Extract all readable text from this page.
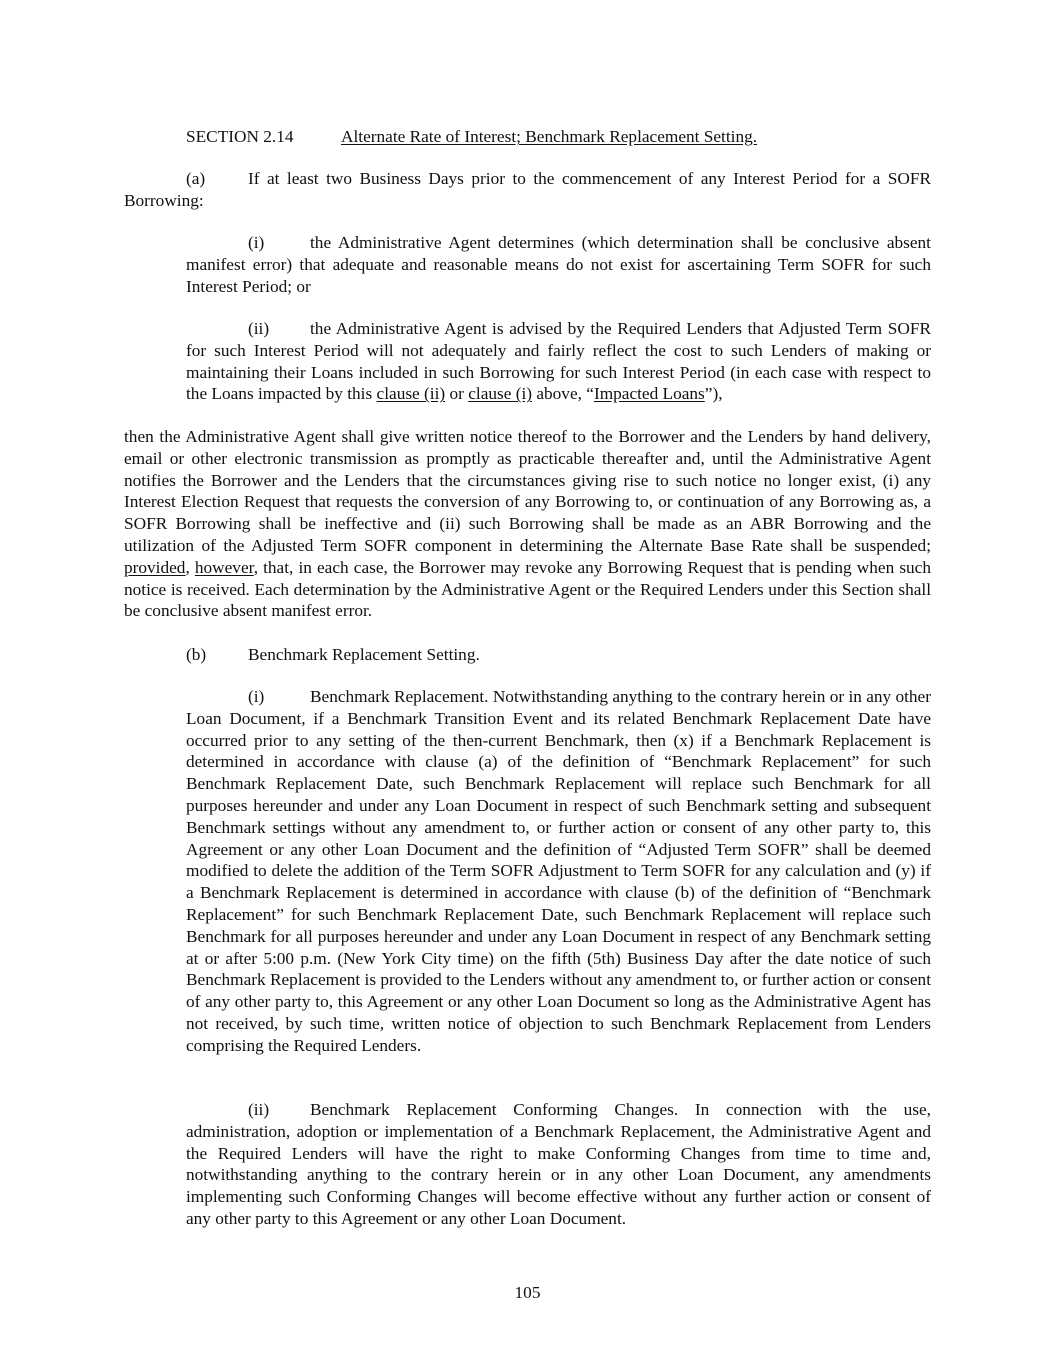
SECTION 2.14	Alternate Rate of Interest; Benchmark Replacement Setting.
(a) If at least two Business Days prior to the commencement of any Interest Period for a SOFR Borrowing:
(i)	the Administrative Agent determines (which determination shall be conclusive absent manifest error) that adequate and reasonable means do not exist for ascertaining Term SOFR for such Interest Period; or
(ii) the Administrative Agent is advised by the Required Lenders that Adjusted Term SOFR for such Interest Period will not adequately and fairly reflect the cost to such Lenders of making or maintaining their Loans included in such Borrowing for such Interest Period (in each case with respect to the Loans impacted by this clause (ii) or clause (i) above, “Impacted Loans”),
then the Administrative Agent shall give written notice thereof to the Borrower and the Lenders by hand delivery, email or other electronic transmission as promptly as practicable thereafter and, until the Administrative Agent notifies the Borrower and the Lenders that the circumstances giving rise to such notice no longer exist, (i) any Interest Election Request that requests the conversion of any Borrowing to, or continuation of any Borrowing as, a SOFR Borrowing shall be ineffective and (ii) such Borrowing shall be made as an ABR Borrowing and the utilization of the Adjusted Term SOFR component in determining the Alternate Base Rate shall be suspended; provided, however, that, in each case, the Borrower may revoke any Borrowing Request that is pending when such notice is received. Each determination by the Administrative Agent or the Required Lenders under this Section shall be conclusive absent manifest error.
(b) Benchmark Replacement Setting.
(i)	Benchmark Replacement. Notwithstanding anything to the contrary herein or in any other Loan Document, if a Benchmark Transition Event and its related Benchmark Replacement Date have occurred prior to any setting of the then-current Benchmark, then (x) if a Benchmark Replacement is determined in accordance with clause (a) of the definition of “Benchmark Replacement” for such Benchmark Replacement Date, such Benchmark Replacement will replace such Benchmark for all purposes hereunder and under any Loan Document in respect of such Benchmark setting and subsequent Benchmark settings without any amendment to, or further action or consent of any other party to, this Agreement or any other Loan Document and the definition of “Adjusted Term SOFR” shall be deemed modified to delete the addition of the Term SOFR Adjustment to Term SOFR for any calculation and (y) if a Benchmark Replacement is determined in accordance with clause (b) of the definition of “Benchmark Replacement” for such Benchmark Replacement Date, such Benchmark Replacement will replace such Benchmark for all purposes hereunder and under any Loan Document in respect of any Benchmark setting at or after 5:00 p.m. (New York City time) on the fifth (5th) Business Day after the date notice of such Benchmark Replacement is provided to the Lenders without any amendment to, or further action or consent of any other party to, this Agreement or any other Loan Document so long as the Administrative Agent has not received, by such time, written notice of objection to such Benchmark Replacement from Lenders comprising the Required Lenders.
(ii) Benchmark Replacement Conforming Changes. In connection with the use, administration, adoption or implementation of a Benchmark Replacement, the Administrative Agent and the Required Lenders will have the right to make Conforming Changes from time to time and, notwithstanding anything to the contrary herein or in any other Loan Document, any amendments implementing such Conforming Changes will become effective without any further action or consent of any other party to this Agreement or any other Loan Document.
105
